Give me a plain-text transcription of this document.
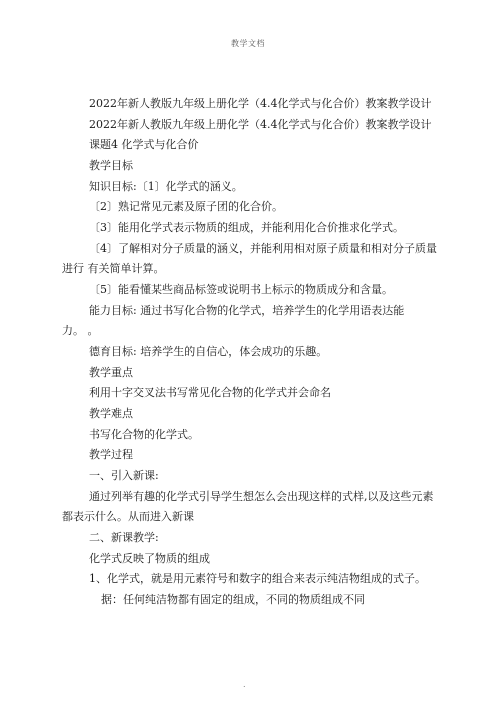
教学文档
2022年新人教版九年级上册化学（4.4化学式与化合价）教案教学设计
2022年新人教版九年级上册化学（4.4化学式与化合价）教案教学设计
课题4 化学式与化合价
教学目标
知识目标:〔1〕化学式的涵义。
〔2〕熟记常见元素及原子团的化合价。
〔3〕能用化学式表示物质的组成，并能利用化合价推求化学式。
〔4〕了解相对分子质量的涵义，并能利用相对原子质量和相对分子质量
进行 有关简单计算。
〔5〕能看懂某些商品标签或说明书上标示的物质成分和含量。
能力目标: 通过书写化合物的化学式，培养学生的化学用语表达能
力。 。
德育目标: 培养学生的自信心，体会成功的乐趣。
教学重点
利用十字交叉法书写常见化合物的化学式并会命名
教学难点
书写化合物的化学式。
教学过程
一、引入新课:
通过列举有趣的化学式引导学生想怎么会出现这样的式样,以及这些元素
都表示什么。从而进入新课
二、新课教学:
化学式反映了物质的组成
1、化学式，就是用元素符号和数字的组合来表示纯洁物组成的式子。
据：任何纯洁物都有固定的组成，不同的物质组成不同
.
